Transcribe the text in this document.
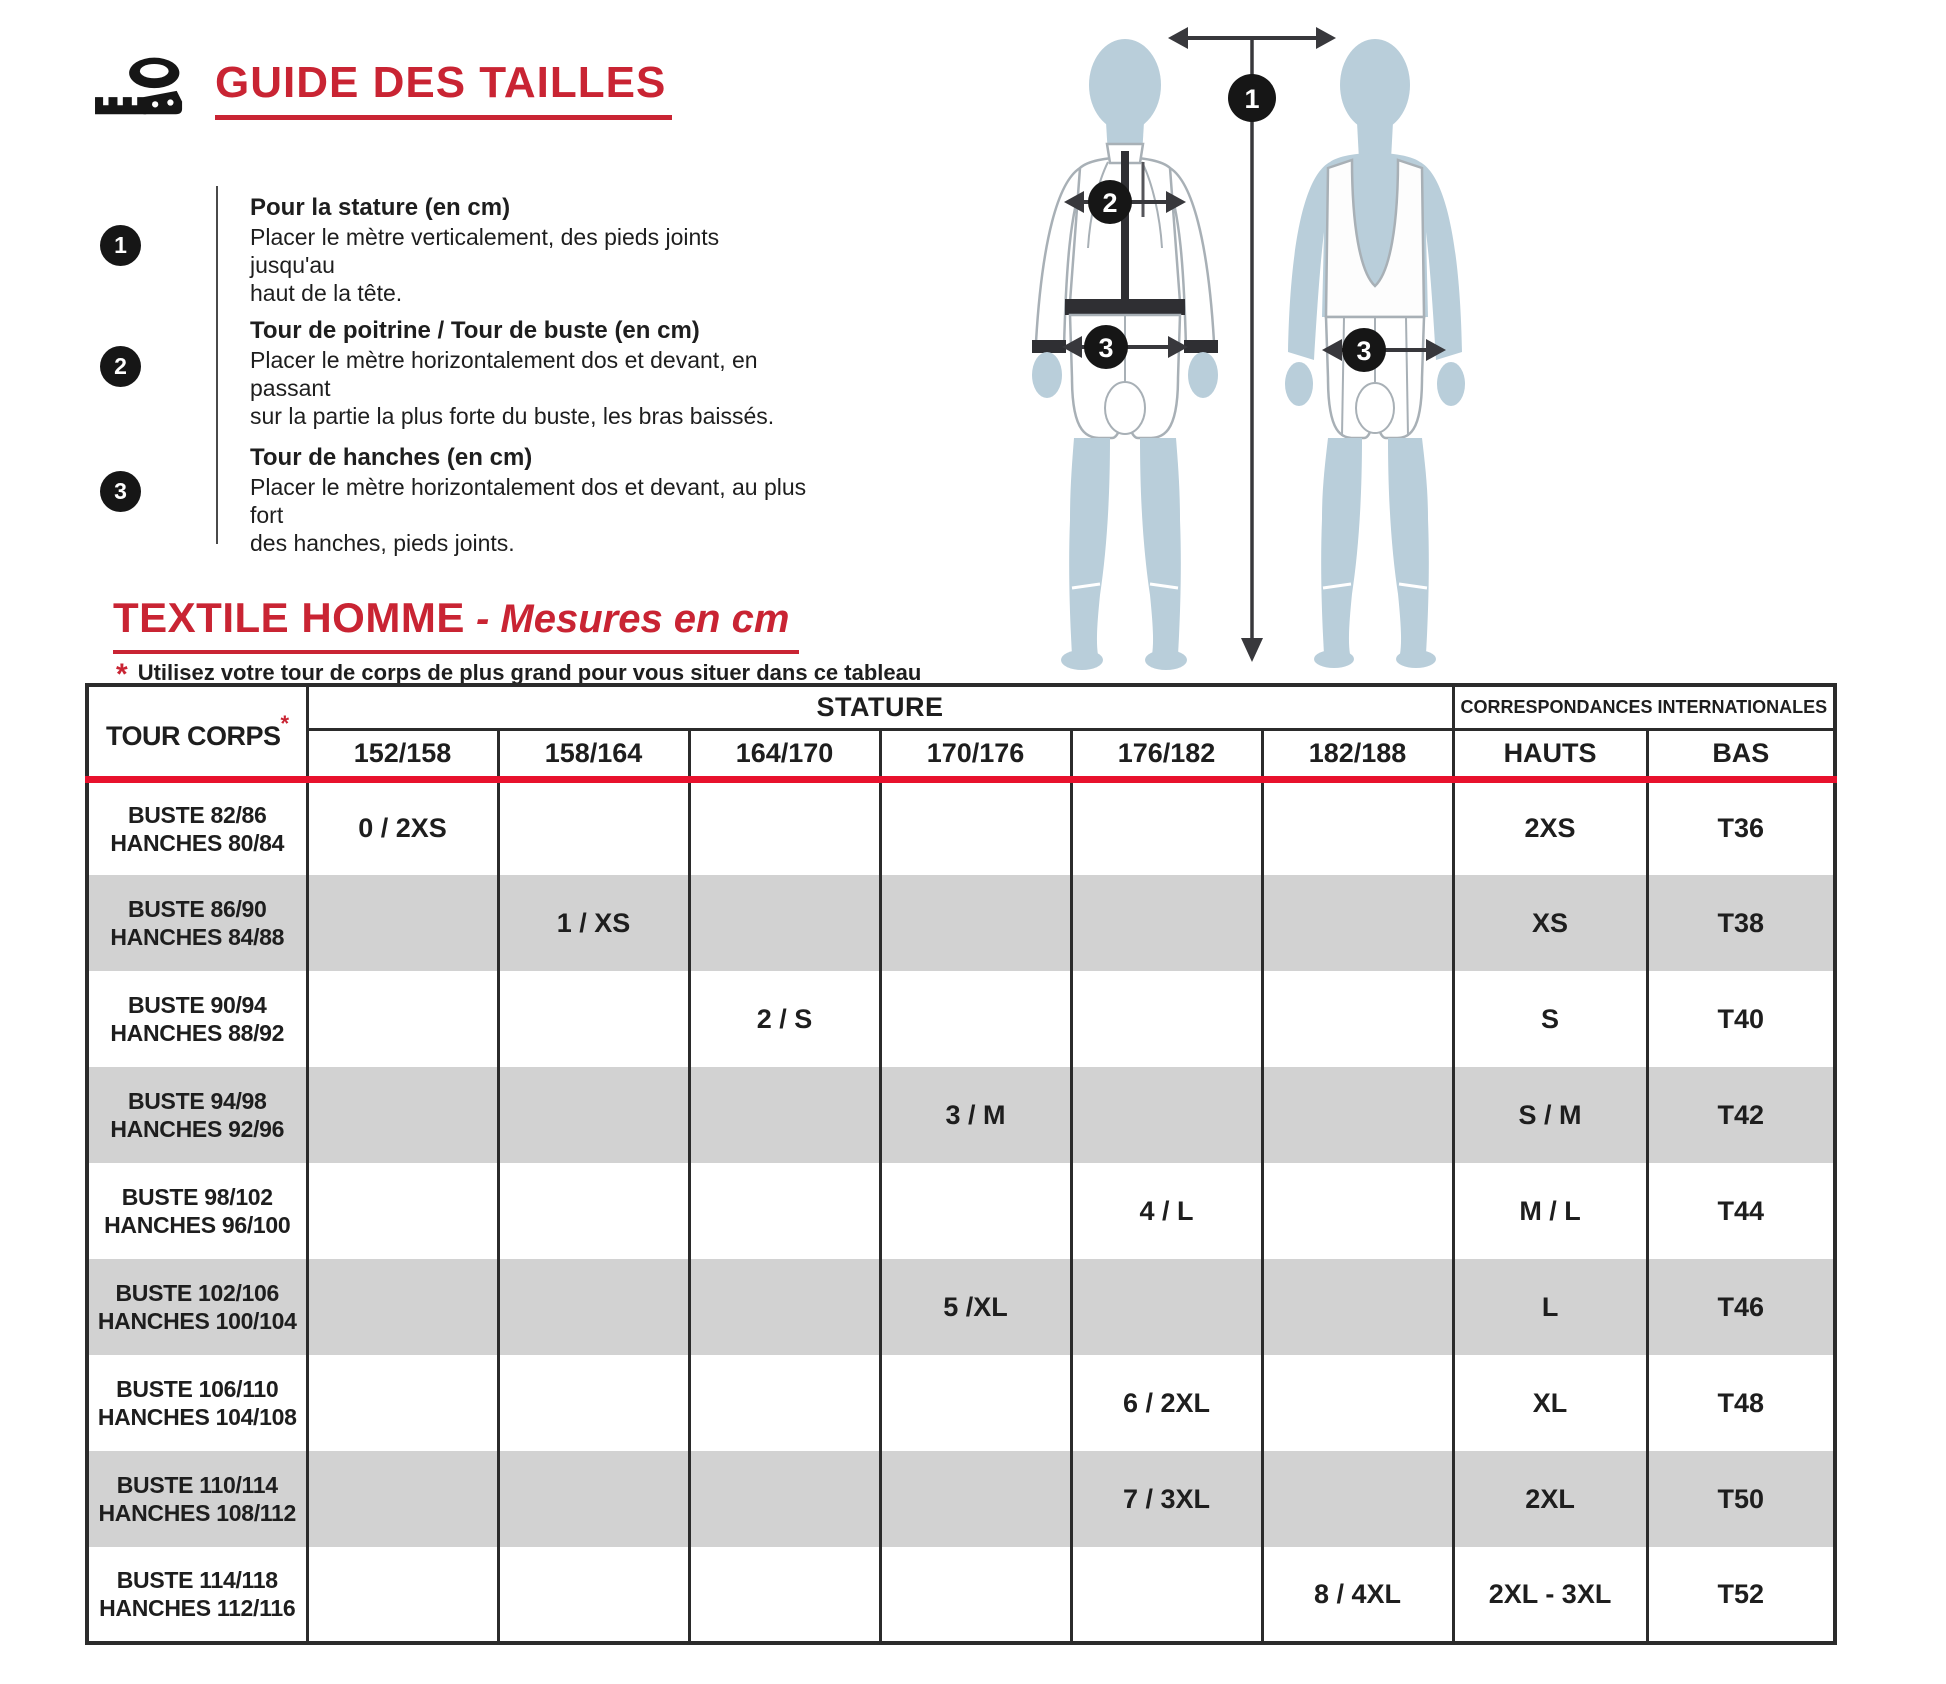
GUIDE DES TAILLES
1
Pour la stature (en cm)
Placer le mètre verticalement, des pieds joints jusqu'au
haut de la tête.
2
Tour de poitrine / Tour de buste (en cm)
Placer le mètre horizontalement dos et devant, en passant
sur la partie la plus forte du buste, les bras baissés.
3
Tour de hanches (en cm)
Placer le mètre horizontalement dos et devant, au plus fort
des hanches, pieds joints.
TEXTILE HOMME - Mesures en cm
* Utilisez votre tour de corps de plus grand pour vous situer dans ce tableau
TOUR CORPS*	STATURE						CORRESPONDANCES INTERNATIONALES	
	152/158	158/164	164/170	170/176	176/182	182/188	HAUTS	BAS

BUSTE 82/86
HANCHES 80/84	0 / 2XS						2XS	T36

BUSTE 86/90
HANCHES 84/88		1 / XS					XS	T38

BUSTE 90/94
HANCHES 88/92			2 / S				S	T40

BUSTE 94/98
HANCHES 92/96				3 / M			S / M	T42

BUSTE 98/102
HANCHES 96/100					4 / L		M / L	T44

BUSTE 102/106
HANCHES 100/104				5 /XL			L	T46

BUSTE 106/110
HANCHES 104/108					6 / 2XL		XL	T48

BUSTE 110/114
HANCHES 108/112					7 / 3XL		2XL	T50

BUSTE 114/118
HANCHES 112/116						8 / 4XL	2XL - 3XL	T52
1
2
3	3
